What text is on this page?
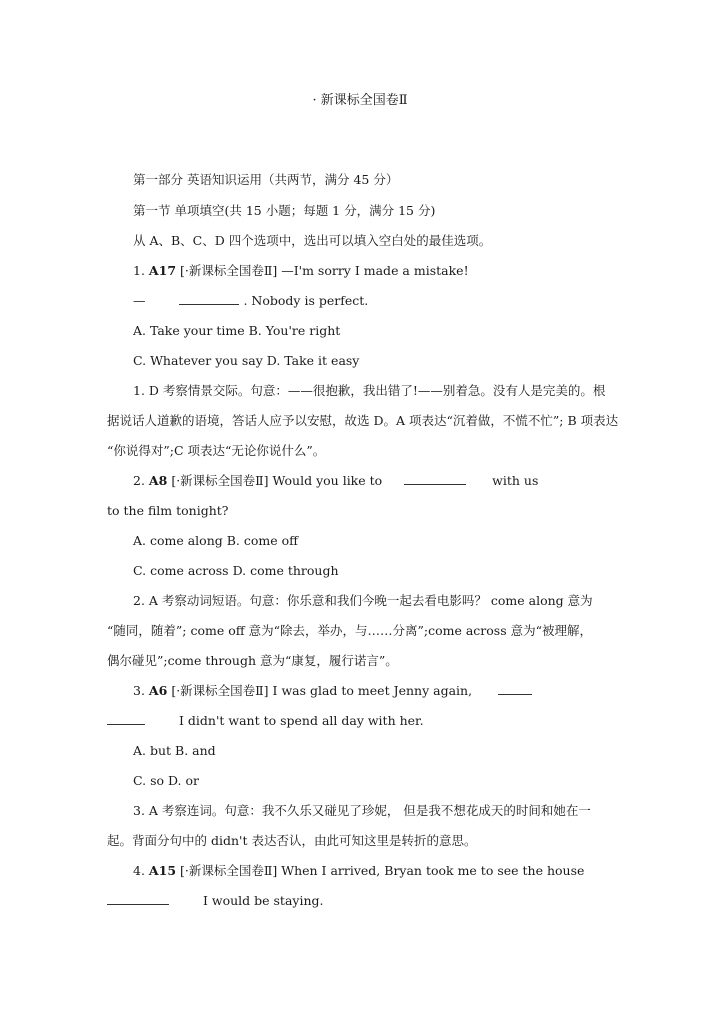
· 新课标全国卷Ⅱ
第一部分 英语知识运用（共两节，满分 45 分）
第一节 单项填空(共 15 小题；每题 1 分，满分 15 分)
从 A、B、C、D 四个选项中，选出可以填入空白处的最佳选项。
1. A17 [·新课标全国卷Ⅱ] —I'm sorry I made a mistake!
—	. Nobody is perfect.
A. Take your time B. You're right
C. Whatever you say D. Take it easy
1. D 考察情景交际。句意：——很抱歉，我出错了!——别着急。没有人是完美的。根
据说话人道歉的语境，答话人应予以安慰，故选 D。A 项表达“沉着做，不慌不忙”; B 项表达
“你说得对”;C 项表达“无论你说什么”。
2. A8 [·新课标全国卷Ⅱ] Would you like to	with us
to the film tonight?
A. come along B. come off
C. come across D. come through
2. A 考察动词短语。句意：你乐意和我们今晚一起去看电影吗？ come along 意为
“随同，随着”; come off 意为“除去，举办，与……分离”;come across 意为“被理解，
偶尔碰见”;come through 意为“康复，履行诺言”。
3. A6 [·新课标全国卷Ⅱ] I was glad to meet Jenny again,
I didn't want to spend all day with her.
A. but B. and
C. so D. or
3. A 考察连词。句意：我不久乐又碰见了珍妮， 但是我不想花成天的时间和她在一
起。背面分句中的 didn't 表达否认，由此可知这里是转折的意思。
4. A15 [·新课标全国卷Ⅱ] When I arrived, Bryan took me to see the house
I would be staying.
